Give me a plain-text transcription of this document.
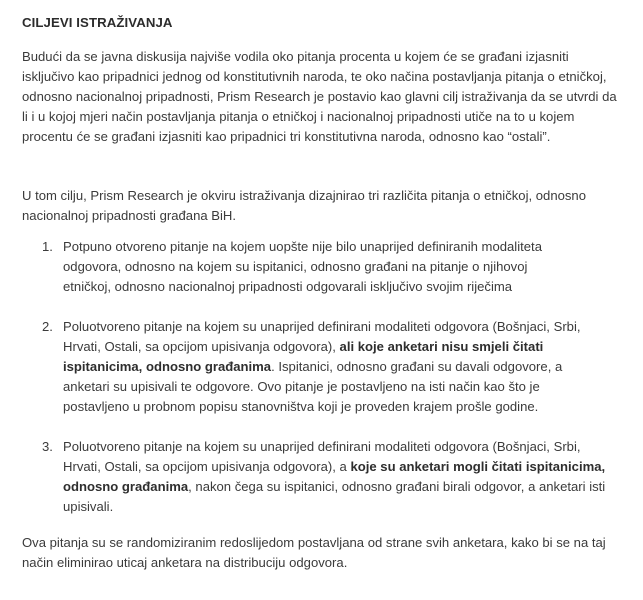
CILJEVI ISTRAŽIVANJA
Budući da se javna diskusija najviše vodila oko pitanja procenta u kojem će se građani izjasniti isključivo kao pripadnici jednog od konstitutivnih naroda, te oko načina postavljanja pitanja o etničkoj, odnosno nacionalnoj pripadnosti, Prism Research je postavio kao glavni cilj istraživanja da se utvrdi da li i u kojoj mjeri način postavljanja pitanja o etničkoj i nacionalnoj pripadnosti utiče na to u kojem procentu će se građani izjasniti kao pripadnici tri konstitutivna naroda, odnosno kao “ostali”.
U tom cilju, Prism Research je okviru istraživanja dizajnirao tri različita pitanja o etničkoj, odnosno nacionalnoj pripadnosti građana BiH.
1. Potpuno otvoreno pitanje na kojem uopšte nije bilo unaprijed definiranih modaliteta odgovora, odnosno na kojem su ispitanici, odnosno građani na pitanje o njihovoj etničkoj, odnosno nacionalnoj pripadnosti odgovarali isključivo svojim riječima
2. Poluotvoreno pitanje na kojem su unaprijed definirani modaliteti odgovora (Bošnjaci, Srbi, Hrvati, Ostali, sa opcijom upisivanja odgovora), ali koje anketari nisu smjeli čitati ispitanicima, odnosno građanima. Ispitanici, odnosno građani su davali odgovore, a anketari su upisivali te odgovore. Ovo pitanje je postavljeno na isti način kao što je postavljeno u probnom popisu stanovništva koji je proveden krajem prošle godine.
3. Poluotvoreno pitanje na kojem su unaprijed definirani modaliteti odgovora (Bošnjaci, Srbi, Hrvati, Ostali, sa opcijom upisivanja odgovora), a koje su anketari mogli čitati ispitanicima, odnosno građanima, nakon čega su ispitanici, odnosno građani birali odgovor, a anketari isti upisivali.
Ova pitanja su se randomiziranim redoslijedom postavljana od strane svih anketara, kako bi se na taj način eliminirao uticaj anketara na distribuciju odgovora.
